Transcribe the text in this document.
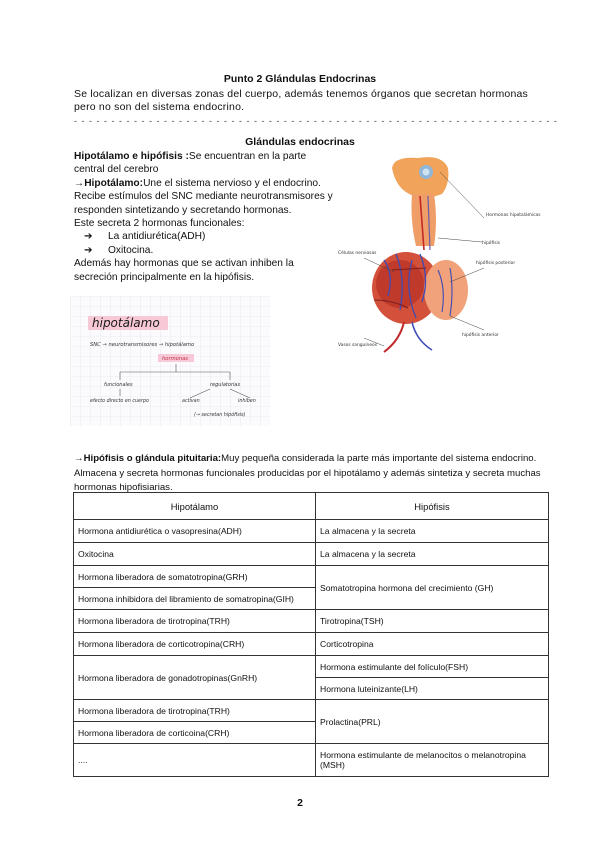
Punto 2 Glándulas Endocrinas
Se localizan en diversas zonas del cuerpo, además tenemos órganos que secretan hormonas pero no son del sistema endocrino.
- - - - - - - - - - - - - - - - - - - - - - - - - - - - - - - - - - - - - - - - - - - - - - - - - - - - - - - - - - - - - - - - -
Glándulas endocrinas

Hipotálamo e hipófisis :Se encuentran en la parte central del cerebro

→Hipotálamo:Une el sistema nervioso y el endocrino.

Recibe estímulos del SNC mediante neurotransmisores y responden sintetizando y secretando hormonas.

Este secreta 2 hormonas funcionales:

➔ La antidiurética(ADH)

➔ Oxitocina.

Además hay hormonas que se activan inhiben la secreción principalmente en la hipófisis.

Hormonas hipotalámicas
hipófisis
Células nerviosas
hipófisis posterior
hipófisis anterior
Vasos sanguíneos
hipotálamo
SNC → neurotransmisores → hipotálamo
hormonas
funcionales	regulatorias
efecto directo en cuerpo	activan	inhiben
(→ secretan hipófisis)

→Hipófisis o glándula pituitaria:Muy pequeña considerada la parte más importante del sistema endocrino.

Almacena y secreta hormonas funcionales producidas por el hipotálamo y además sintetiza y secreta muchas hormonas hipofisiarias.

Hipotálamo	Hipófisis
Hormona antidiurética o vasopresina(ADH)	La almacena y la secreta
Oxitocina	La almacena y la secreta
Hormona liberadora de somatotropina(GRH)	Somatotropina hormona del crecimiento (GH)
Hormona inhibidora del libramiento de somatropina(GIH)	
Hormona liberadora de tirotropina(TRH)	Tirotropina(TSH)
Hormona liberadora de corticotropina(CRH)	Corticotropina
Hormona liberadora de gonadotropinas(GnRH)	Hormona estimulante del folículo(FSH)
	Hormona luteinizante(LH)
Hormona liberadora de tirotropina(TRH)	Prolactina(PRL)
Hormona liberadora de corticoina(CRH)	
....	Hormona estimulante de melanocitos o melanotropina (MSH)
2
